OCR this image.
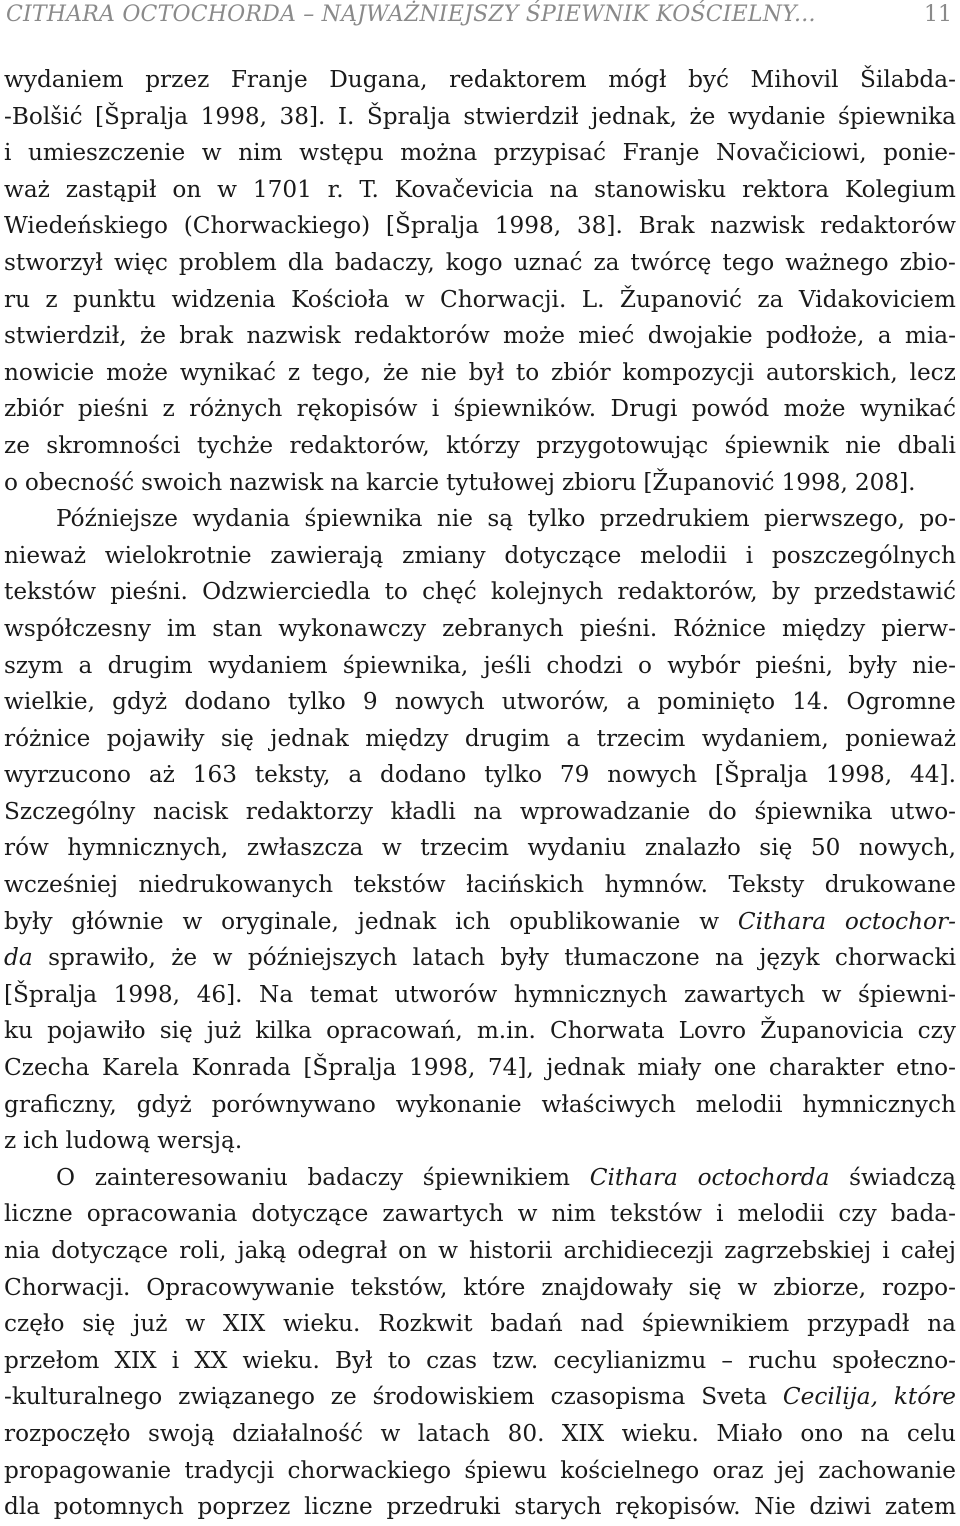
CITHARA OCTOCHORDA – NAJWAŻNIEJSZY ŚPIEWNIK KOŚCIELNY...	11
wydaniem przez Franje Dugana, redaktorem mógł być Mihovil Šilabda-
-Bolšić [Špralja 1998, 38]. I. Špralja stwierdził jednak, że wydanie śpiewnika
i umieszczenie w nim wstępu można przypisać Franje Novačiciowi, ponie-
waż zastąpił on w 1701 r. T. Kovačevicia na stanowisku rektora Kolegium
Wiedeńskiego (Chorwackiego) [Špralja 1998, 38]. Brak nazwisk redaktorów
stworzył więc problem dla badaczy, kogo uznać za twórcę tego ważnego zbio-
ru z punktu widzenia Kościoła w Chorwacji. L. Županović za Vidakoviciem
stwierdził, że brak nazwisk redaktorów może mieć dwojakie podłoże, a mia-
nowicie może wynikać z tego, że nie był to zbiór kompozycji autorskich, lecz
zbiór pieśni z różnych rękopisów i śpiewników. Drugi powód może wynikać
ze skromności tychże redaktorów, którzy przygotowując śpiewnik nie dbali
o obecność swoich nazwisk na karcie tytułowej zbioru [Županović 1998, 208].
Późniejsze wydania śpiewnika nie są tylko przedrukiem pierwszego, po-
nieważ wielokrotnie zawierają zmiany dotyczące melodii i poszczególnych
tekstów pieśni. Odzwierciedla to chęć kolejnych redaktorów, by przedstawić
współczesny im stan wykonawczy zebranych pieśni. Różnice między pierw-
szym a drugim wydaniem śpiewnika, jeśli chodzi o wybór pieśni, były nie-
wielkie, gdyż dodano tylko 9 nowych utworów, a pominięto 14. Ogromne
różnice pojawiły się jednak między drugim a trzecim wydaniem, ponieważ
wyrzucono aż 163 teksty, a dodano tylko 79 nowych [Špralja 1998, 44].
Szczególny nacisk redaktorzy kładli na wprowadzanie do śpiewnika utwo-
rów hymnicznych, zwłaszcza w trzecim wydaniu znalazło się 50 nowych,
wcześniej niedrukowanych tekstów łacińskich hymnów. Teksty drukowane
były głównie w oryginale, jednak ich opublikowanie w Cithara octochor-
da sprawiło, że w późniejszych latach były tłumaczone na język chorwacki
[Špralja 1998, 46]. Na temat utworów hymnicznych zawartych w śpiewni-
ku pojawiło się już kilka opracowań, m.in. Chorwata Lovro Županovicia czy
Czecha Karela Konrada [Špralja 1998, 74], jednak miały one charakter etno-
graficzny, gdyż porównywano wykonanie właściwych melodii hymnicznych
z ich ludową wersją.
O zainteresowaniu badaczy śpiewnikiem Cithara octochorda świadczą
liczne opracowania dotyczące zawartych w nim tekstów i melodii czy bada-
nia dotyczące roli, jaką odegrał on w historii archidiecezji zagrzebskiej i całej
Chorwacji. Opracowywanie tekstów, które znajdowały się w zbiorze, rozpo-
częło się już w XIX wieku. Rozkwit badań nad śpiewnikiem przypadł na
przełom XIX i XX wieku. Był to czas tzw. cecylianizmu – ruchu społeczno-
-kulturalnego związanego ze środowiskiem czasopisma Sveta Cecilija, które
rozpoczęło swoją działalność w latach 80. XIX wieku. Miało ono na celu
propagowanie tradycji chorwackiego śpiewu kościelnego oraz jej zachowanie
dla potomnych poprzez liczne przedruki starych rękopisów. Nie dziwi zatem
